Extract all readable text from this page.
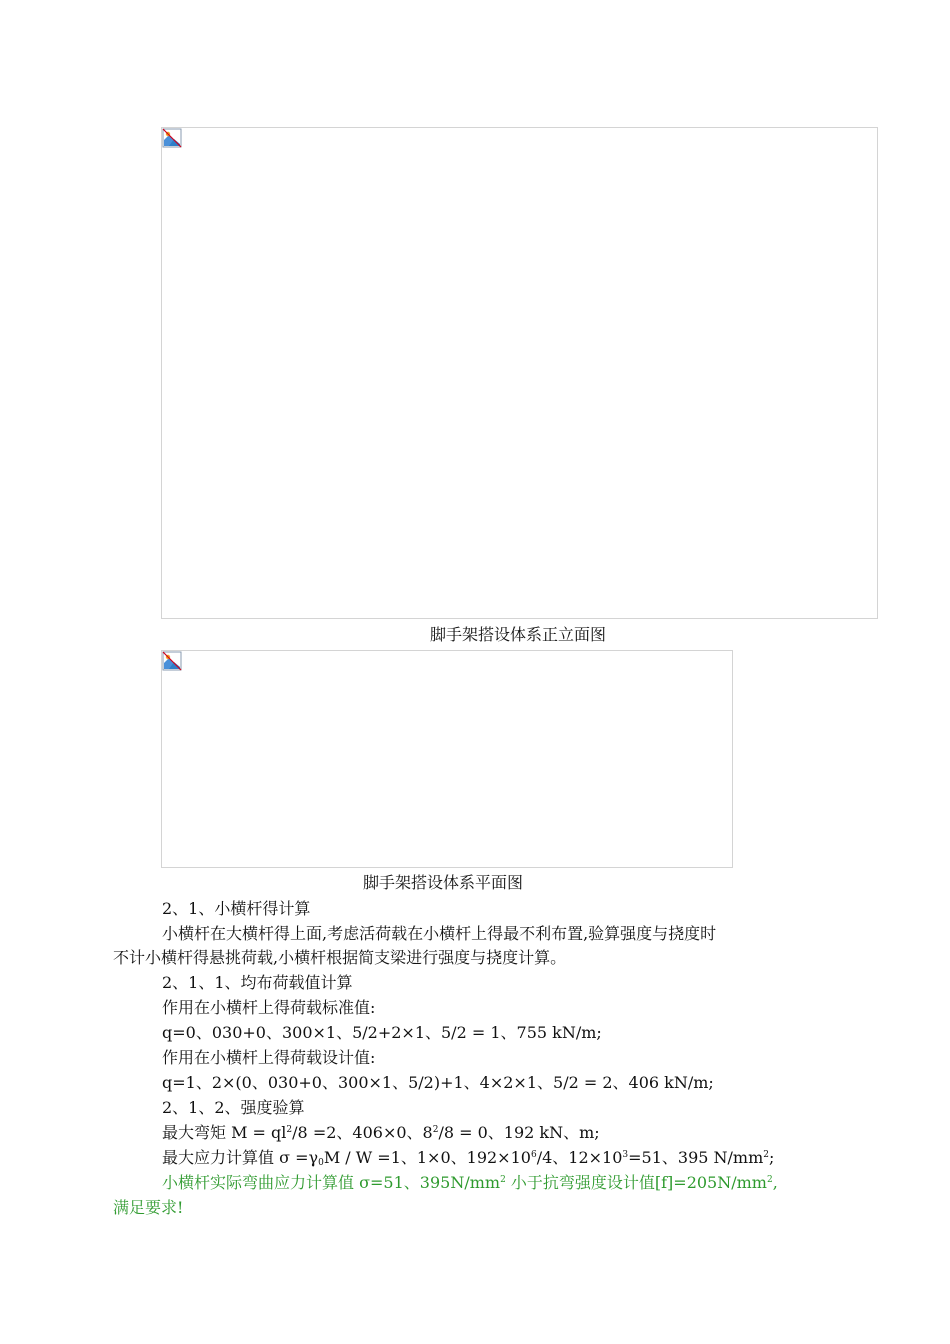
脚手架搭设体系正立面图
脚手架搭设体系平面图
2、1、小横杆得计算
小横杆在大横杆得上面,考虑活荷载在小横杆上得最不利布置,验算强度与挠度时
不计小横杆得悬挑荷载,小横杆根据简支梁进行强度与挠度计算。
2、1、1、均布荷载值计算
作用在小横杆上得荷载标准值:
q=0、030+0、300×1、5/2+2×1、5/2 = 1、755 kN/m;
作用在小横杆上得荷载设计值:
q=1、2×(0、030+0、300×1、5/2)+1、4×2×1、5/2 = 2、406 kN/m;
2、1、2、强度验算
最大弯矩 $M = ql^2/8 =2$、406×0、$8^2/8 = 0$、192 kN、m;
最大应力计算值 $\sigma =\gamma_0M / W =1$、1×0、$192\times 10^6/4$、$12\times 10^3=51$、395 $N/mm^2$;
小横杆实际弯曲应力计算值 σ=51、$395N/mm^2$ 小于抗弯强度设计值$[f]=205N/mm^2$,
满足要求!
